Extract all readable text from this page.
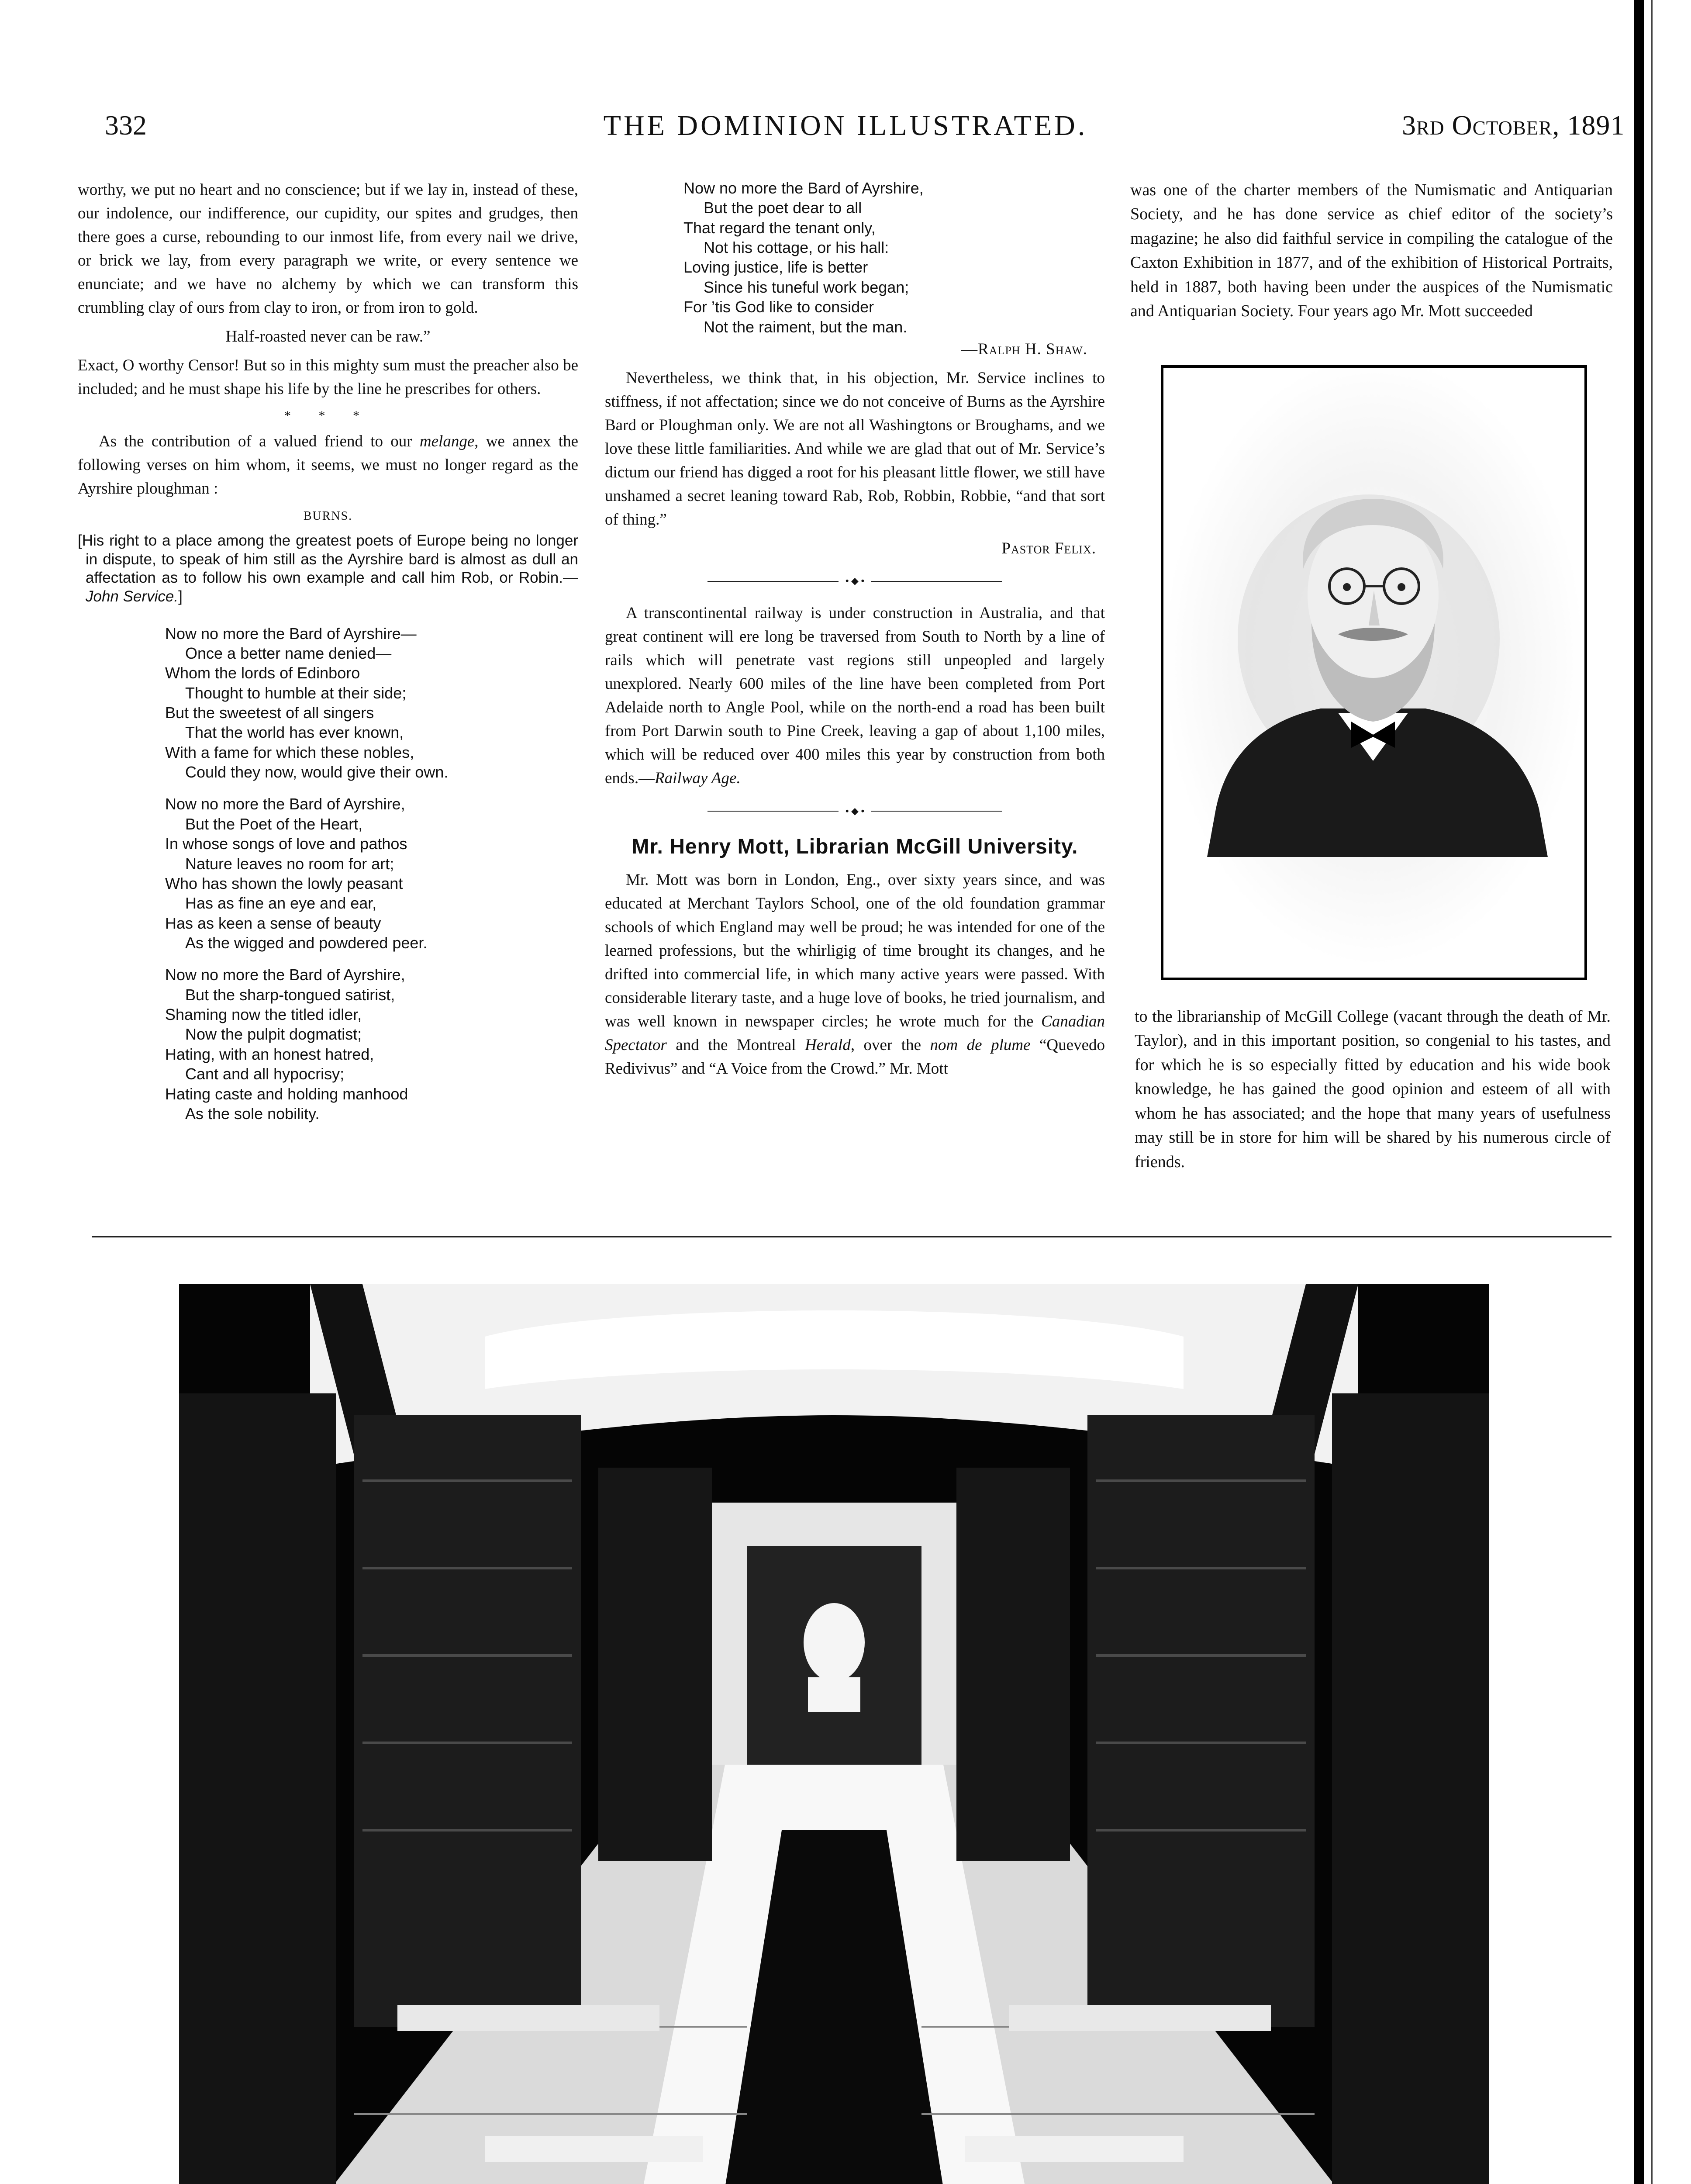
332	THE DOMINION ILLUSTRATED.	3rd October, 1891

worthy, we put no heart and no conscience; but if we lay in, instead of these, our indolence, our indifference, our cupidity, our spites and grudges, then there goes a curse, rebounding to our inmost life, from every nail we drive, or brick we lay, from every paragraph we write, or every sentence we enunciate; and we have no alchemy by which we can transform this crumbling clay of ours from clay to iron, or from iron to gold.

Half-roasted never can be raw.”

Exact, O worthy Censor! But so in this mighty sum must the preacher also be included; and he must shape his life by the line he prescribes for others.

* * *

As the contribution of a valued friend to our melange, we annex the following verses on him whom, it seems, we must no longer regard as the Ayrshire ploughman :

BURNS.
[His right to a place among the greatest poets of Europe being no longer in dispute, to speak of him still as the Ayrshire bard is almost as dull an affectation as to follow his own example and call him Rob, or Robin.—John Service.]
Now no more the Bard of Ayrshire—
Once a better name denied—
Whom the lords of Edinboro
Thought to humble at their side;
But the sweetest of all singers
That the world has ever known,
With a fame for which these nobles,
Could they now, would give their own.
Now no more the Bard of Ayrshire,
But the Poet of the Heart,
In whose songs of love and pathos
Nature leaves no room for art;
Who has shown the lowly peasant
Has as fine an eye and ear,
Has as keen a sense of beauty
As the wigged and powdered peer.
Now no more the Bard of Ayrshire,
But the sharp-tongued satirist,
Shaming now the titled idler,
Now the pulpit dogmatist;
Hating, with an honest hatred,
Cant and all hypocrisy;
Hating caste and holding manhood
As the sole nobility.
Now no more the Bard of Ayrshire,
But the poet dear to all
That regard the tenant only,
Not his cottage, or his hall:
Loving justice, life is better
Since his tuneful work began;
For ’tis God like to consider
Not the raiment, but the man.

—Ralph H. Shaw.

Nevertheless, we think that, in his objection, Mr. Service inclines to stiffness, if not affectation; since we do not conceive of Burns as the Ayrshire Bard or Ploughman only. We are not all Washingtons or Broughams, and we love these little familiarities. And while we are glad that out of Mr. Service’s dictum our friend has digged a root for his pleasant little flower, we still have unshamed a secret leaning toward Rab, Rob, Robbin, Robbie, “and that sort of thing.”

Pastor Felix.

• ◆ •

A transcontinental railway is under construction in Australia, and that great continent will ere long be traversed from South to North by a line of rails which will penetrate vast regions still unpeopled and largely unexplored. Nearly 600 miles of the line have been completed from Port Adelaide north to Angle Pool, while on the north-end a road has been built from Port Darwin south to Pine Creek, leaving a gap of about 1,100 miles, which will be reduced over 400 miles this year by construction from both ends.—Railway Age.

• ◆ •
Mr. Henry Mott, Librarian McGill University.

Mr. Mott was born in London, Eng., over sixty years since, and was educated at Merchant Taylors School, one of the old foundation grammar schools of which England may well be proud; he was intended for one of the learned professions, but the whirligig of time brought its changes, and he drifted into commercial life, in which many active years were passed. With considerable literary taste, and a huge love of books, he tried journalism, and was well known in newspaper circles; he wrote much for the Canadian Spectator and the Montreal Herald, over the nom de plume “Quevedo Redivivus” and “A Voice from the Crowd.” Mr. Mott

was one of the charter members of the Numismatic and Antiquarian Society, and he has done service as chief editor of the society’s magazine; he also did faithful service in compiling the catalogue of the Caxton Exhibition in 1877, and of the exhibition of Historical Portraits, held in 1887, both having been under the auspices of the Numismatic and Antiquarian Society. Four years ago Mr. Mott succeeded

to the librarianship of McGill College (vacant through the death of Mr. Taylor), and in this important position, so congenial to his tastes, and for which he is so especially fitted by education and his wide book knowledge, he has gained the good opinion and esteem of all with whom he has associated; and the hope that many years of usefulness may still be in store for him will be shared by his numerous circle of friends.
